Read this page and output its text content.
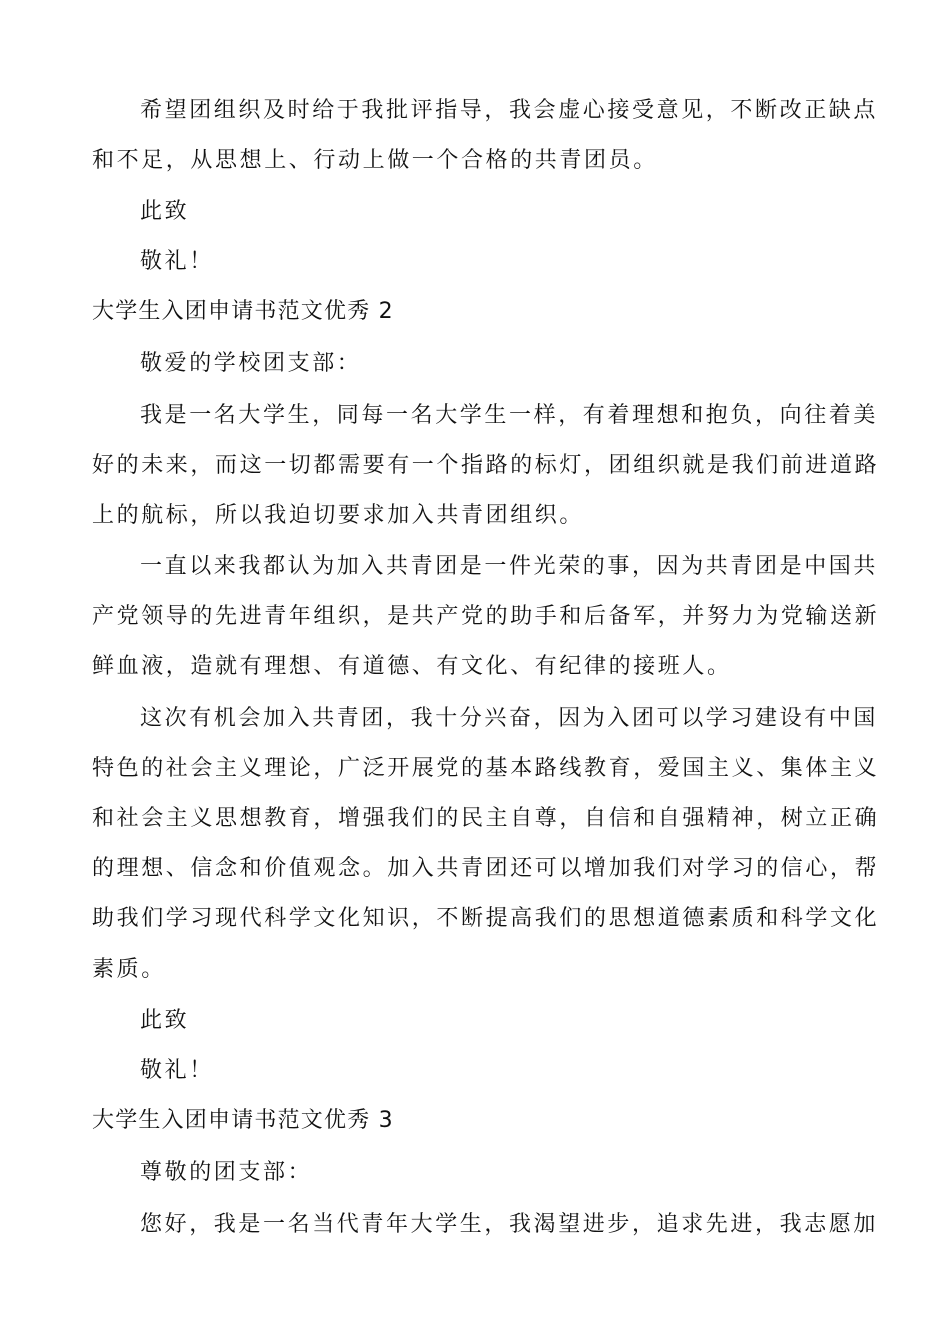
希望团组织及时给于我批评指导，我会虚心接受意见，不断改正缺点
和不足，从思想上、行动上做一个合格的共青团员。
此致
敬礼！
大学生入团申请书范文优秀 2
敬爱的学校团支部：
我是一名大学生，同每一名大学生一样，有着理想和抱负，向往着美
好的未来，而这一切都需要有一个指路的标灯，团组织就是我们前进道路
上的航标，所以我迫切要求加入共青团组织。
一直以来我都认为加入共青团是一件光荣的事，因为共青团是中国共
产党领导的先进青年组织，是共产党的助手和后备军，并努力为党输送新
鲜血液，造就有理想、有道德、有文化、有纪律的接班人。
这次有机会加入共青团，我十分兴奋，因为入团可以学习建设有中国
特色的社会主义理论，广泛开展党的基本路线教育，爱国主义、集体主义
和社会主义思想教育，增强我们的民主自尊，自信和自强精神，树立正确
的理想、信念和价值观念。加入共青团还可以增加我们对学习的信心，帮
助我们学习现代科学文化知识，不断提高我们的思想道德素质和科学文化
素质。
此致
敬礼！
大学生入团申请书范文优秀 3
尊敬的团支部：
您好，我是一名当代青年大学生，我渴望进步，追求先进，我志愿加
